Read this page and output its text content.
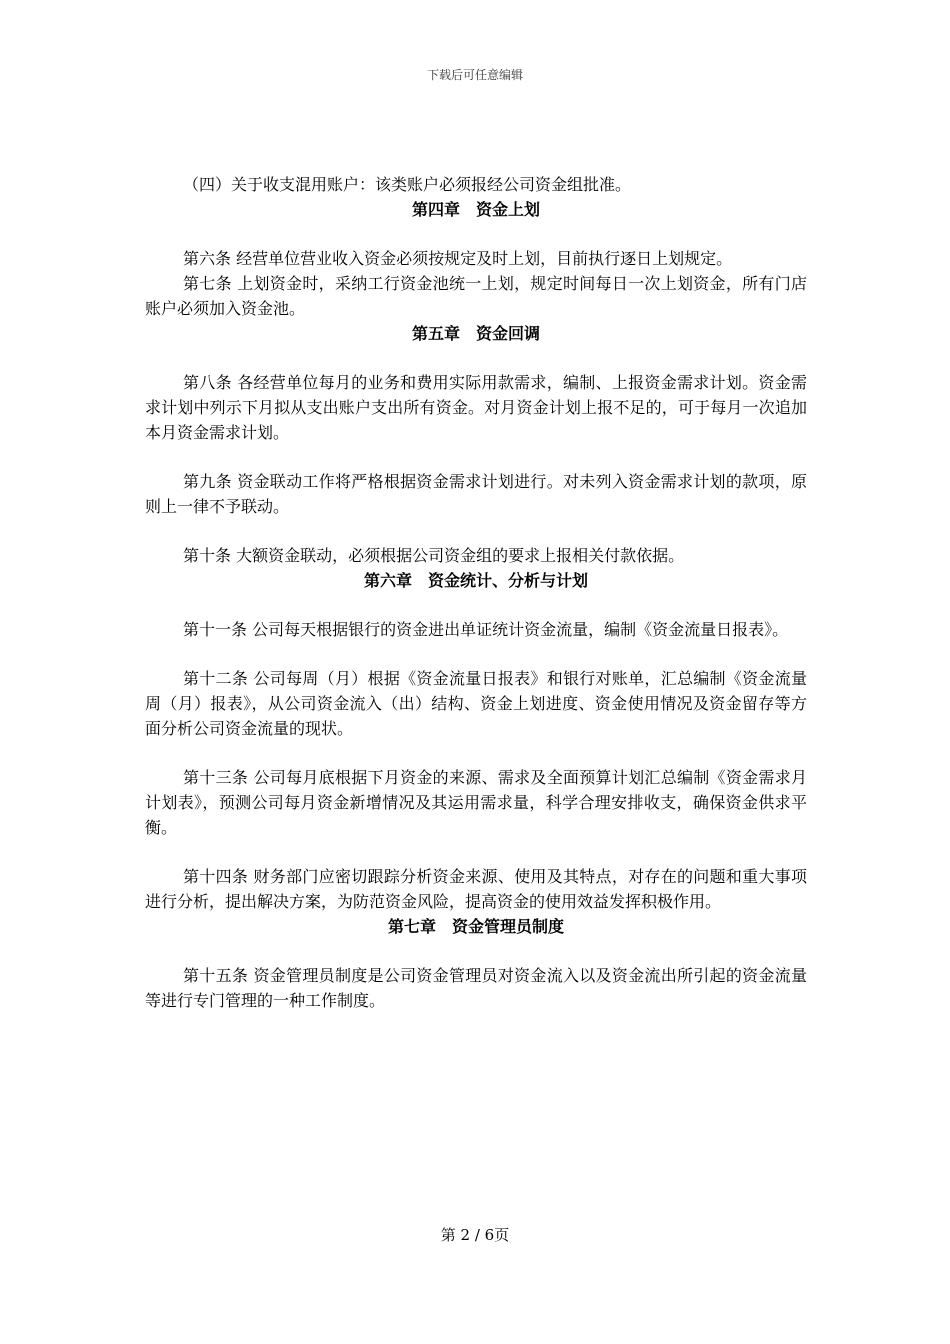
下载后可任意编辑

（四）关于收支混用账户：该类账户必须报经公司资金组批准。

第四章　资金上划

第六条 经营单位营业收入资金必须按规定及时上划，目前执行逐日上划规定。

第七条 上划资金时，采纳工行资金池统一上划，规定时间每日一次上划资金，所有门店账户必须加入资金池。

第五章　资金回调

第八条 各经营单位每月的业务和费用实际用款需求，编制、上报资金需求计划。资金需求计划中列示下月拟从支出账户支出所有资金。对月资金计划上报不足的，可于每月一次追加本月资金需求计划。

第九条 资金联动工作将严格根据资金需求计划进行。对未列入资金需求计划的款项，原则上一律不予联动。

第十条 大额资金联动，必须根据公司资金组的要求上报相关付款依据。

第六章　资金统计、分析与计划

第十一条 公司每天根据银行的资金进出单证统计资金流量，编制《资金流量日报表》。

第十二条 公司每周（月）根据《资金流量日报表》和银行对账单，汇总编制《资金流量周（月）报表》，从公司资金流入（出）结构、资金上划进度、资金使用情况及资金留存等方面分析公司资金流量的现状。

第十三条 公司每月底根据下月资金的来源、需求及全面预算计划汇总编制《资金需求月计划表》，预测公司每月资金新增情况及其运用需求量，科学合理安排收支，确保资金供求平衡。

第十四条 财务部门应密切跟踪分析资金来源、使用及其特点，对存在的问题和重大事项进行分析，提出解决方案，为防范资金风险，提高资金的使用效益发挥积极作用。

第七章　资金管理员制度

第十五条 资金管理员制度是公司资金管理员对资金流入以及资金流出所引起的资金流量等进行专门管理的一种工作制度。

第 2 / 6页
